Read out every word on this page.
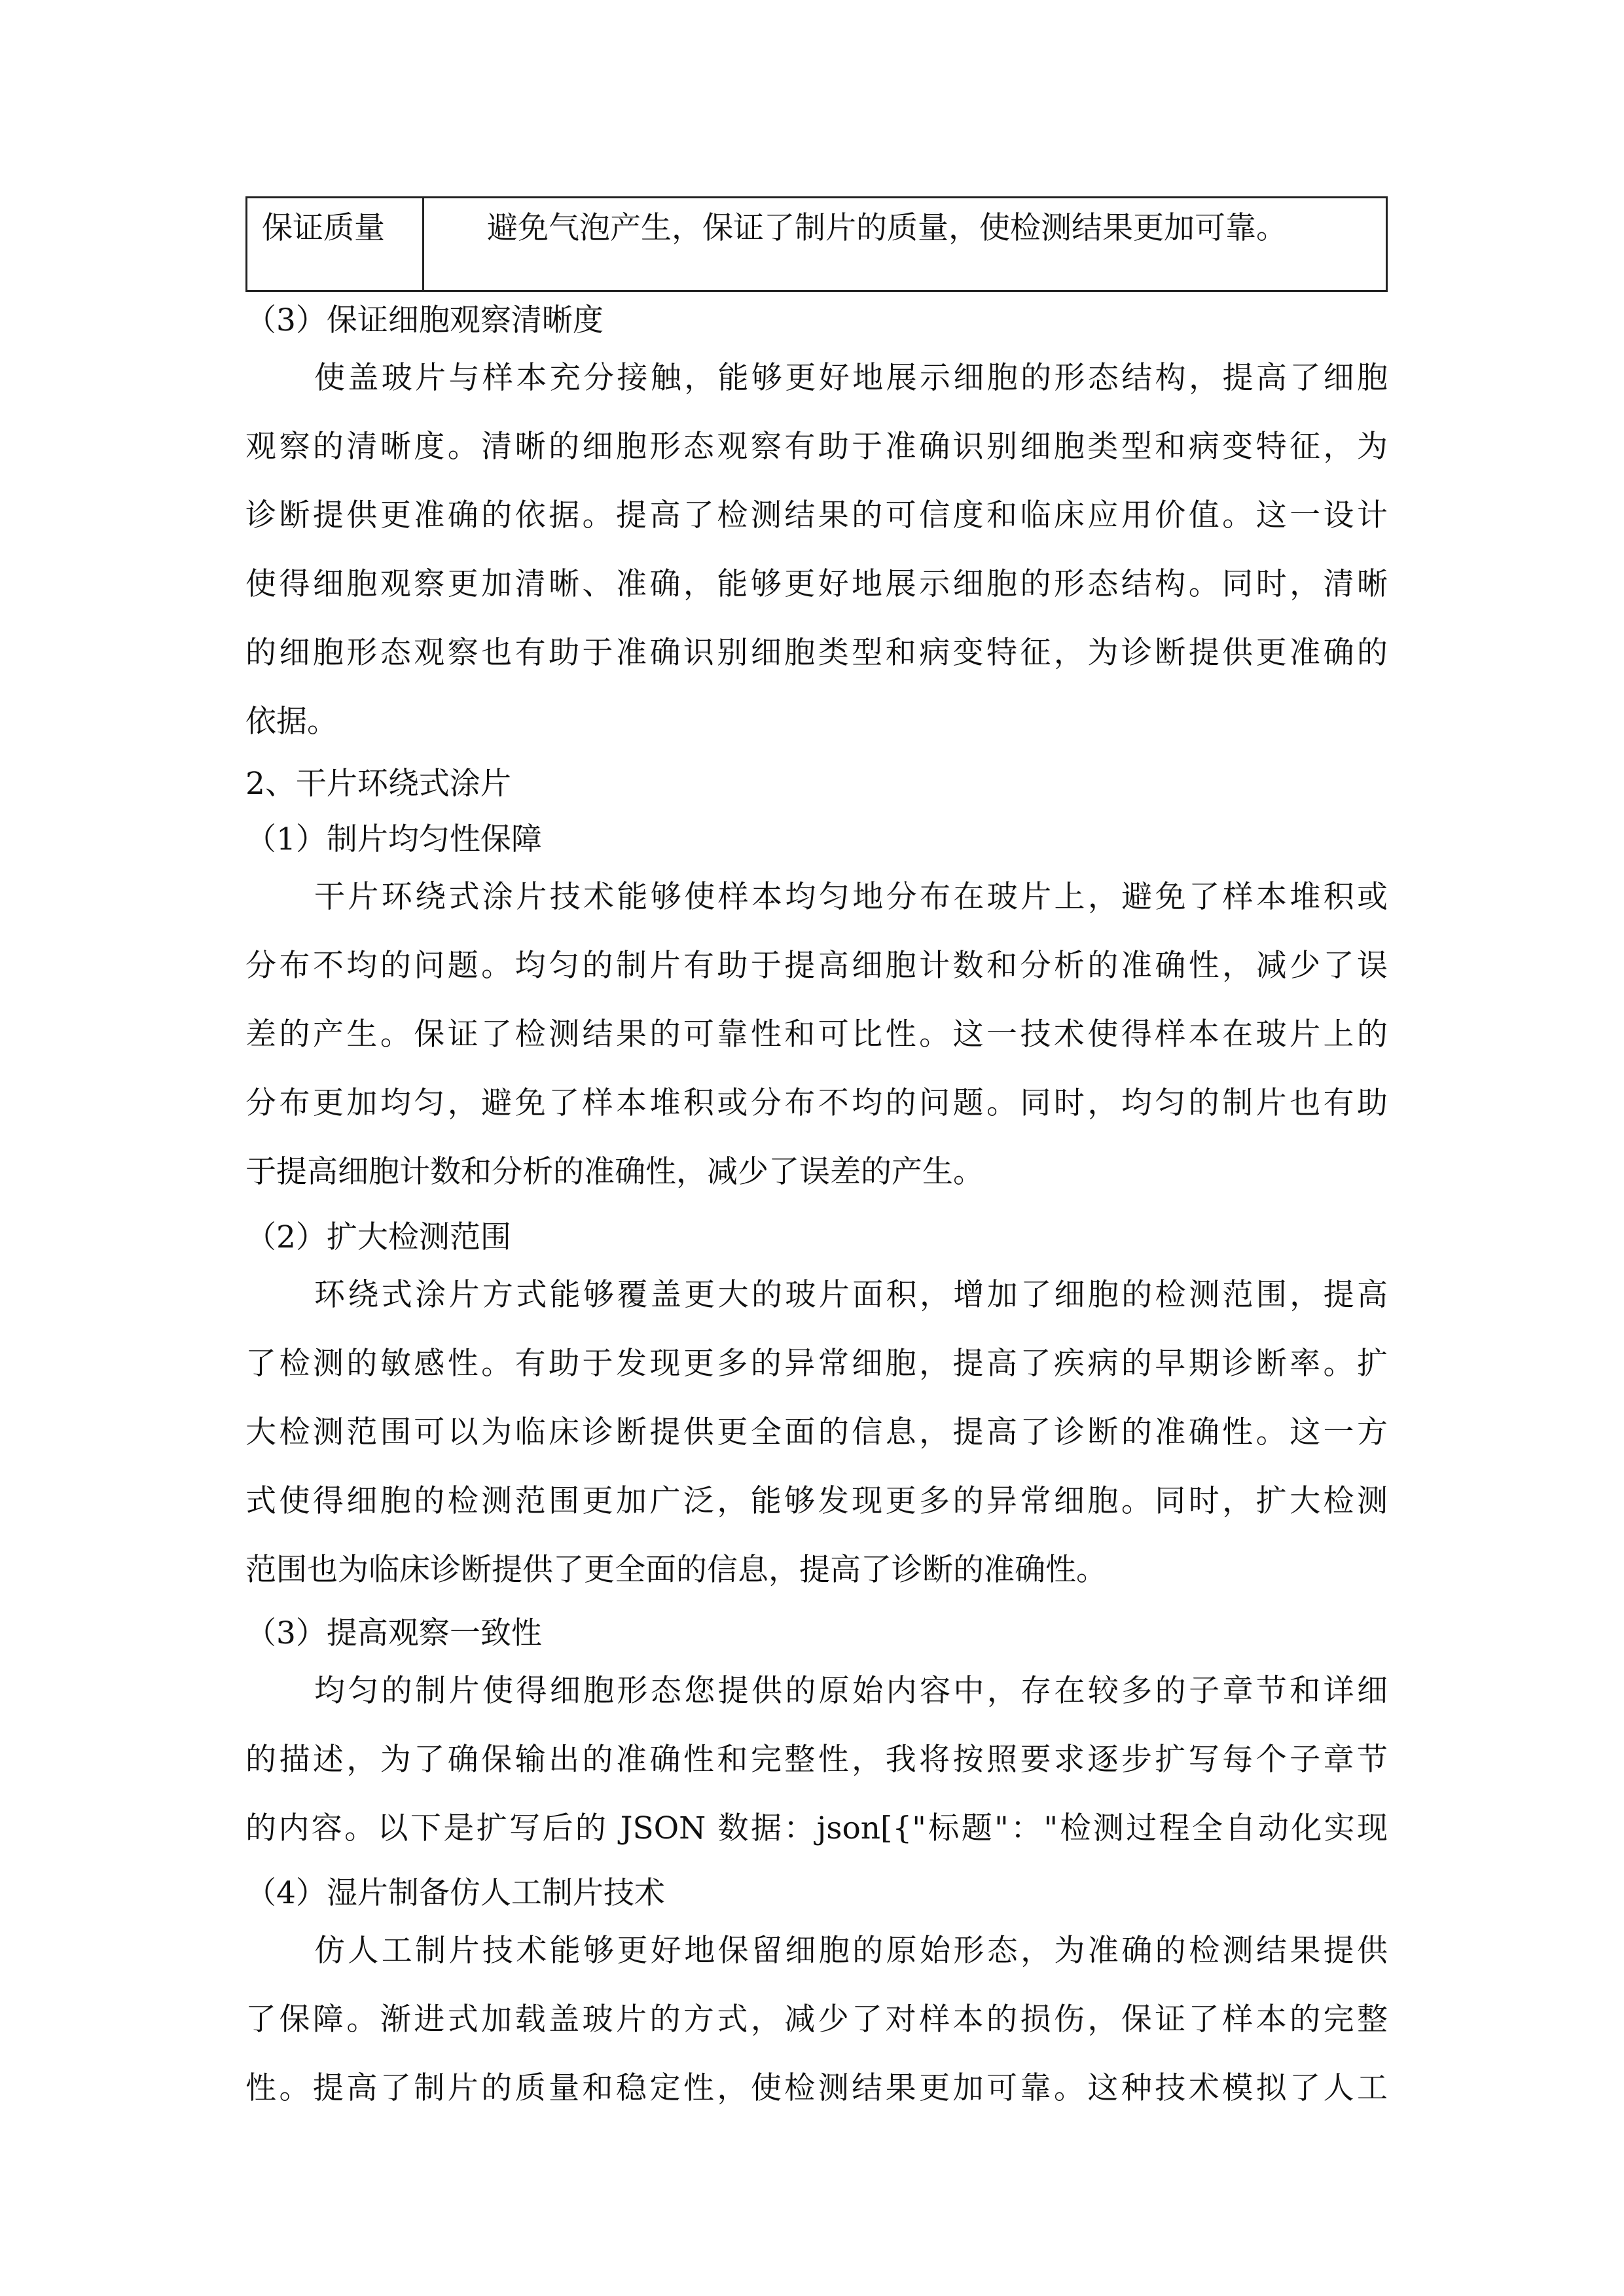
保证质量	避免气泡产生，保证了制片的质量，使检测结果更加可靠。
（3）保证细胞观察清晰度
使盖玻片与样本充分接触，能够更好地展示细胞的形态结构，提高了细胞
观察的清晰度。清晰的细胞形态观察有助于准确识别细胞类型和病变特征，为
诊断提供更准确的依据。提高了检测结果的可信度和临床应用价值。这一设计
使得细胞观察更加清晰、准确，能够更好地展示细胞的形态结构。同时，清晰
的细胞形态观察也有助于准确识别细胞类型和病变特征，为诊断提供更准确的
依据。
2、干片环绕式涂片
（1）制片均匀性保障
干片环绕式涂片技术能够使样本均匀地分布在玻片上，避免了样本堆积或
分布不均的问题。均匀的制片有助于提高细胞计数和分析的准确性，减少了误
差的产生。保证了检测结果的可靠性和可比性。这一技术使得样本在玻片上的
分布更加均匀，避免了样本堆积或分布不均的问题。同时，均匀的制片也有助
于提高细胞计数和分析的准确性，减少了误差的产生。
（2）扩大检测范围
环绕式涂片方式能够覆盖更大的玻片面积，增加了细胞的检测范围，提高
了检测的敏感性。有助于发现更多的异常细胞，提高了疾病的早期诊断率。扩
大检测范围可以为临床诊断提供更全面的信息，提高了诊断的准确性。这一方
式使得细胞的检测范围更加广泛，能够发现更多的异常细胞。同时，扩大检测
范围也为临床诊断提供了更全面的信息，提高了诊断的准确性。
（3）提高观察一致性
均匀的制片使得细胞形态您提供的原始内容中，存在较多的子章节和详细
的描述，为了确保输出的准确性和完整性，我将按照要求逐步扩写每个子章节
的内容。以下是扩写后的 JSON 数据：json[{"标题"："检测过程全自动化实现
（4）湿片制备仿人工制片技术
仿人工制片技术能够更好地保留细胞的原始形态，为准确的检测结果提供
了保障。渐进式加载盖玻片的方式，减少了对样本的损伤，保证了样本的完整
性。提高了制片的质量和稳定性，使检测结果更加可靠。这种技术模拟了人工
